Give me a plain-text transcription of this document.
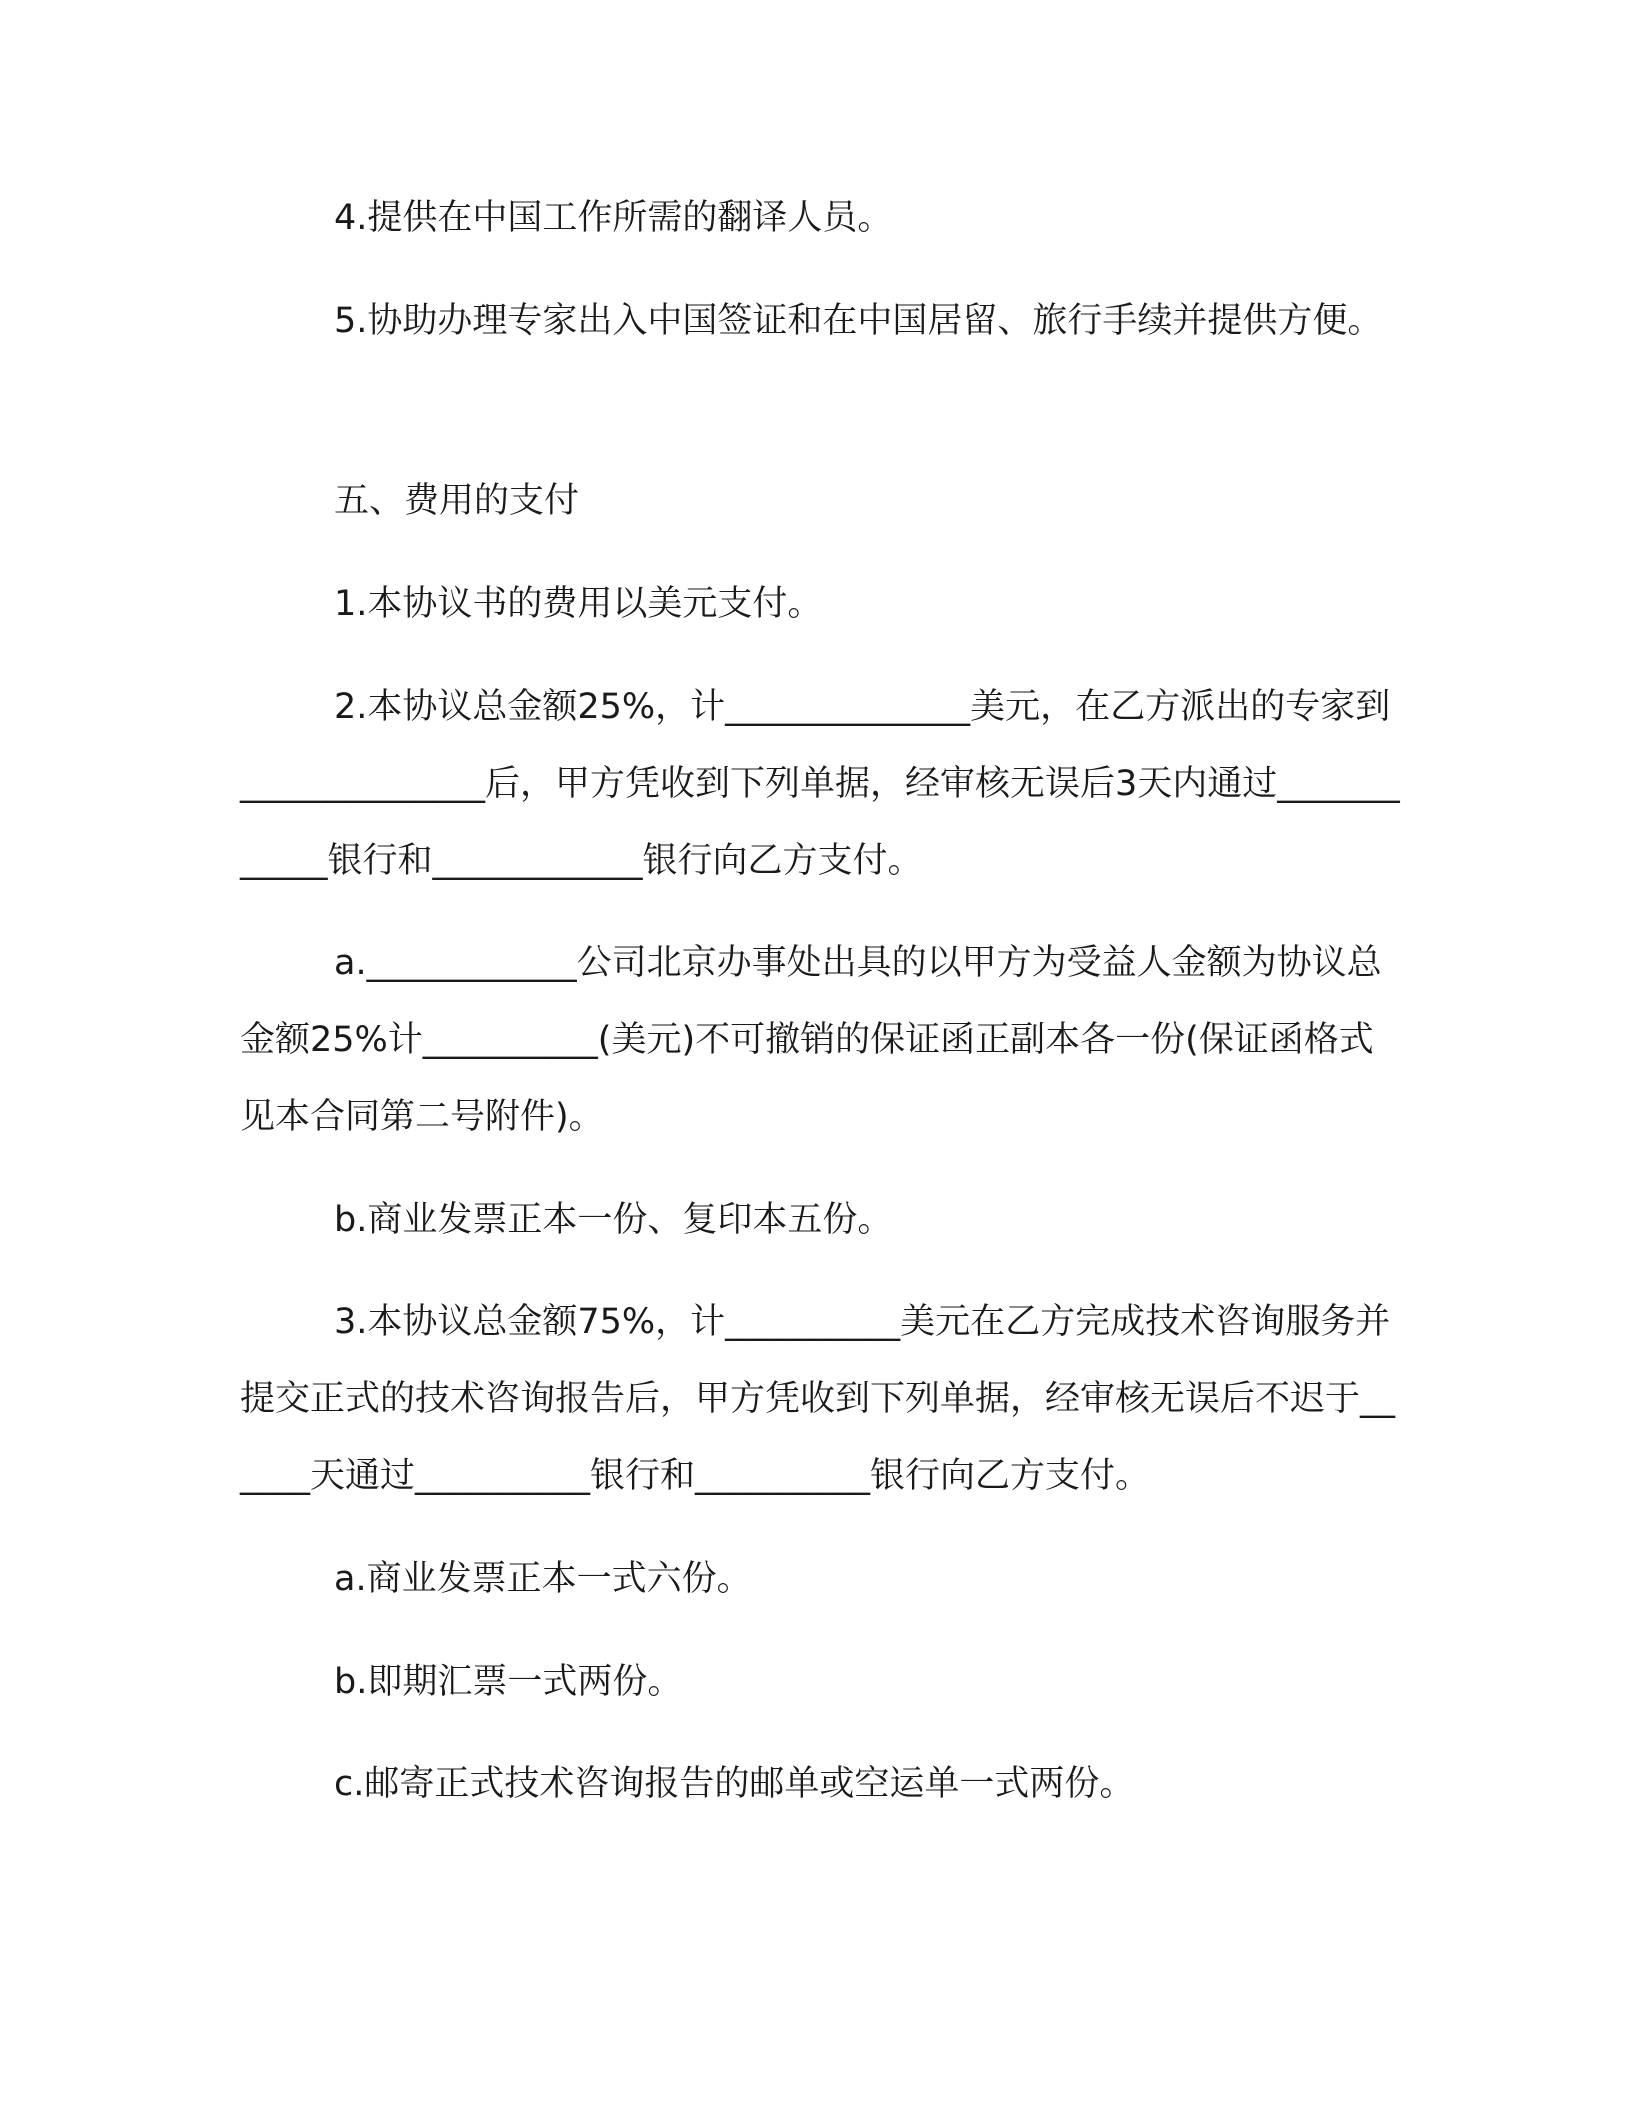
4.提供在中国工作所需的翻译人员。

5.协助办理专家出入中国签证和在中国居留、旅行手续并提供方便。

五、费用的支付

1.本协议书的费用以美元支付。

2.本协议总金额25%，计______________美元，在乙方派出的专家到______________后，甲方凭收到下列单据，经审核无误后3天内通过____________银行和____________银行向乙方支付。

a.____________公司北京办事处出具的以甲方为受益人金额为协议总金额25%计__________(美元)不可撤销的保证函正副本各一份(保证函格式见本合同第二号附件)。

b.商业发票正本一份、复印本五份。

3.本协议总金额75%，计__________美元在乙方完成技术咨询服务并提交正式的技术咨询报告后，甲方凭收到下列单据，经审核无误后不迟于______天通过__________银行和__________银行向乙方支付。

a.商业发票正本一式六份。

b.即期汇票一式两份。

c.邮寄正式技术咨询报告的邮单或空运单一式两份。
